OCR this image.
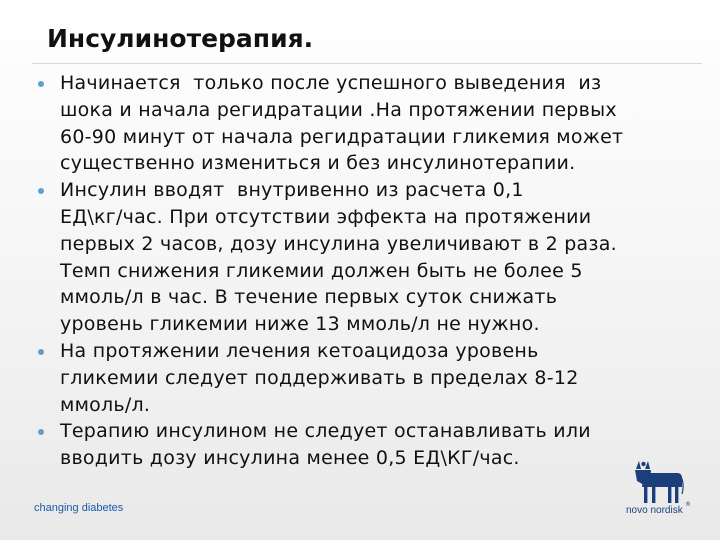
Инсулинотерапия.
Начинается  только после успешного выведения  из
шока и начала регидратации .На протяжении первых
60-90 минут от начала регидратации гликемия может
существенно измениться и без инсулинотерапии.
Инсулин вводят  внутривенно из расчета 0,1
ЕД\кг/час. При отсутствии эффекта на протяжении
первых 2 часов, дозу инсулина увеличивают в 2 раза.
Темп снижения гликемии должен быть не более 5
ммоль/л в час. В течение первых суток снижать
уровень гликемии ниже 13 ммоль/л не нужно.
На протяжении лечения кетоацидоза уровень
гликемии следует поддерживать в пределах 8-12
ммоль/л.
Терапию инсулином не следует останавливать или
вводить дозу инсулина менее 0,5 ЕД\КГ/час.
changing diabetes	novo nordisk
®
